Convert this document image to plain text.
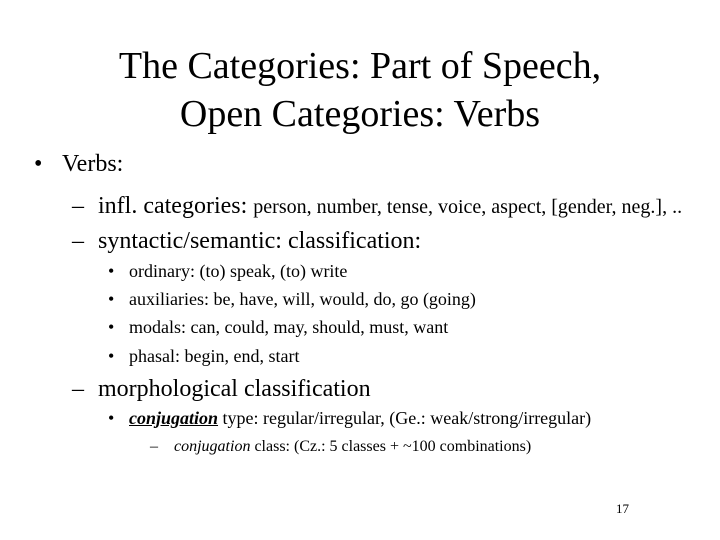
The Categories: Part of Speech,
Open Categories: Verbs
• Verbs:
– infl. categories: person, number, tense, voice, aspect, [gender, neg.], ..
– syntactic/semantic: classification:
• ordinary: (to) speak, (to) write
• auxiliaries: be, have, will, would, do, go (going)
• modals: can, could, may, should, must, want
• phasal: begin, end, start
– morphological classification
• conjugation type: regular/irregular, (Ge.: weak/strong/irregular)
– conjugation class: (Cz.: 5 classes + ~100 combinations)
17
